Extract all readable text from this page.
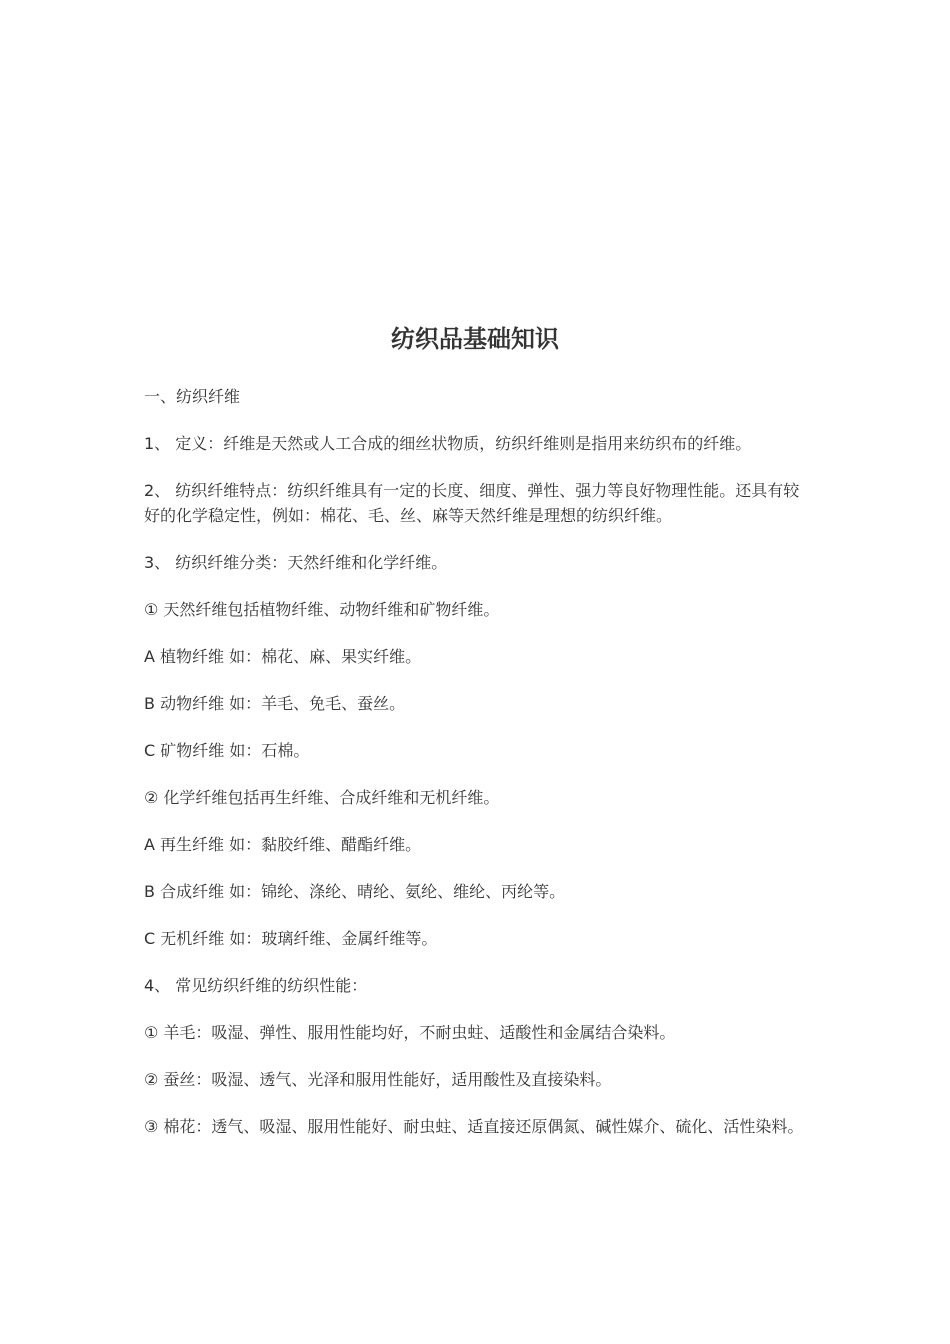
纺织品基础知识

一、纺织纤维

1、 定义：纤维是天然或人工合成的细丝状物质，纺织纤维则是指用来纺织布的纤维。

2、 纺织纤维特点：纺织纤维具有一定的长度、细度、弹性、强力等良好物理性能。还具有较好的化学稳定性，例如：棉花、毛、丝、麻等天然纤维是理想的纺织纤维。

3、 纺织纤维分类：天然纤维和化学纤维。

① 天然纤维包括植物纤维、动物纤维和矿物纤维。

A 植物纤维 如：棉花、麻、果实纤维。

B 动物纤维 如：羊毛、免毛、蚕丝。

C 矿物纤维 如：石棉。

② 化学纤维包括再生纤维、合成纤维和无机纤维。

A 再生纤维 如：黏胶纤维、醋酯纤维。

B 合成纤维 如：锦纶、涤纶、晴纶、氨纶、维纶、丙纶等。

C 无机纤维 如：玻璃纤维、金属纤维等。

4、 常见纺织纤维的纺织性能：

① 羊毛：吸湿、弹性、服用性能均好，不耐虫蛀、适酸性和金属结合染料。

② 蚕丝：吸湿、透气、光泽和服用性能好，适用酸性及直接染料。

③ 棉花：透气、吸湿、服用性能好、耐虫蛀、适直接还原偶氮、碱性媒介、硫化、活性染料。
